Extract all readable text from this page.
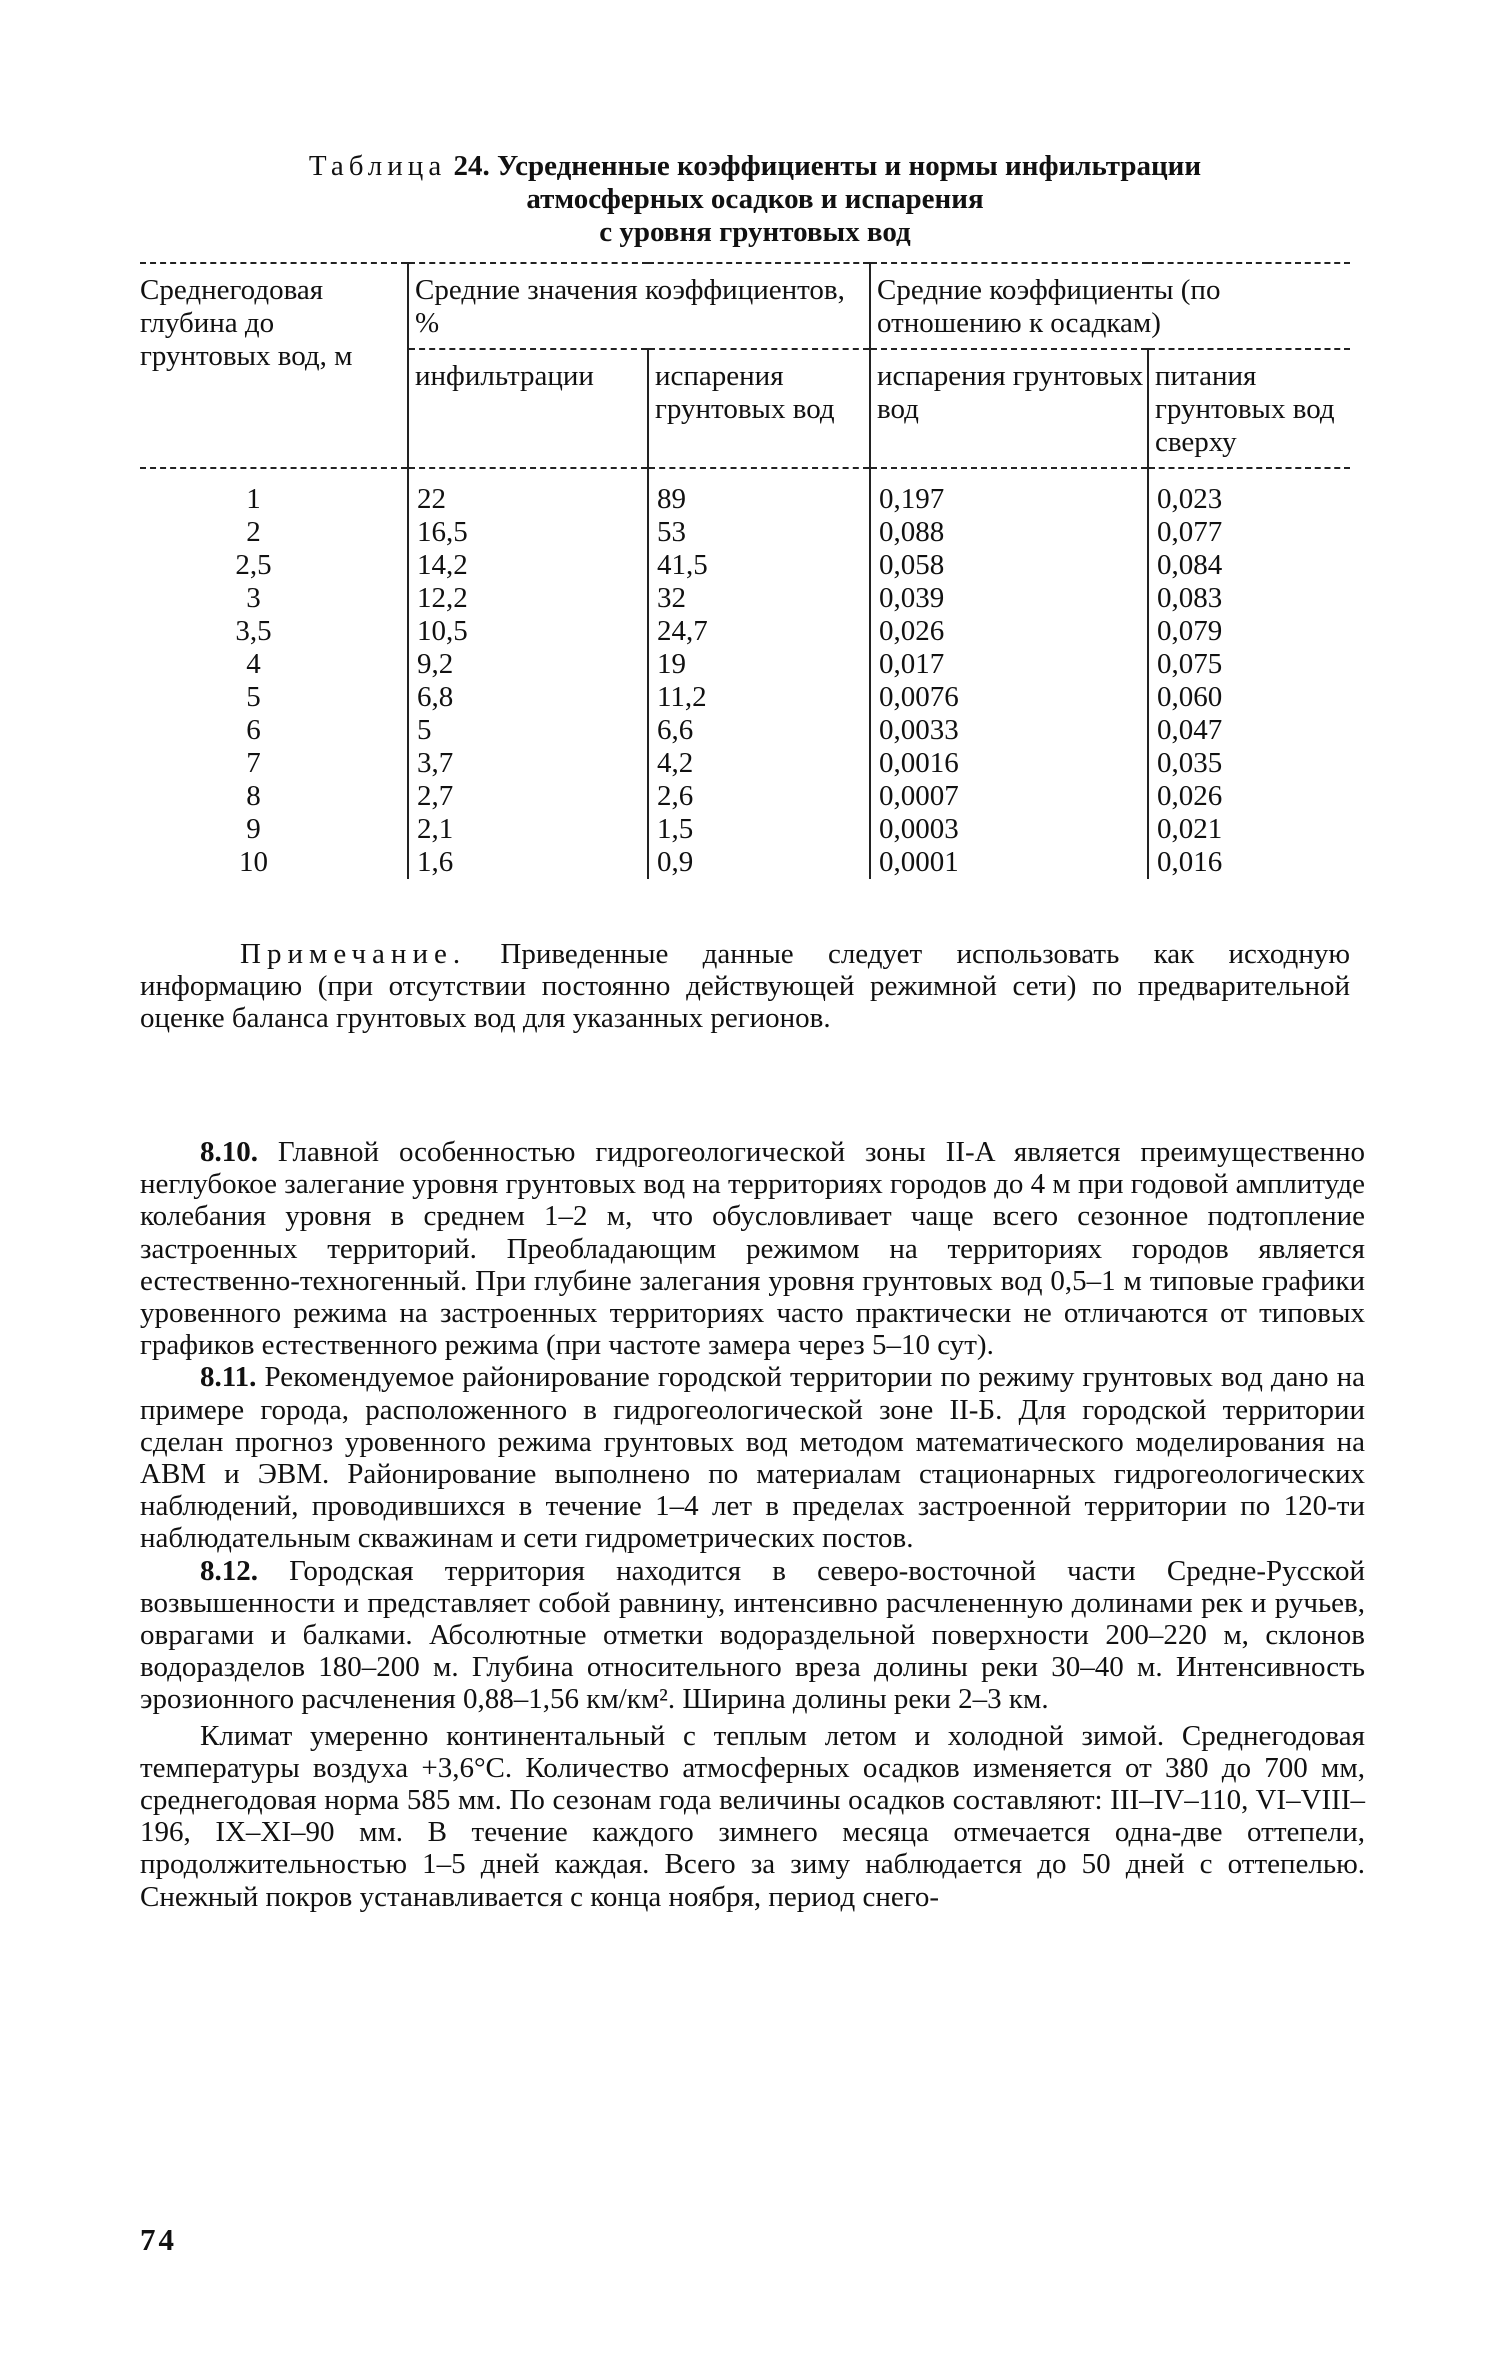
Таблица 24. Усредненные коэффициенты и нормы инфильтрации
атмосферных осадков и испарения
с уровня грунтовых вод
Среднегодовая глубина до грунтовых вод, м	Средние значения коэффициентов, %		Средние коэффициенты (по отношению к осадкам)	
	инфильтрации	испарения грунтовых вод	испарения грунтовых вод	питания грунтовых вод сверху
1	22	89	0,197	0,023
2	16,5	53	0,088	0,077
2,5	14,2	41,5	0,058	0,084
3	12,2	32	0,039	0,083
3,5	10,5	24,7	0,026	0,079
4	9,2	19	0,017	0,075
5	6,8	11,2	0,0076	0,060
6	5	6,6	0,0033	0,047
7	3,7	4,2	0,0016	0,035
8	2,7	2,6	0,0007	0,026
9	2,1	1,5	0,0003	0,021
10	1,6	0,9	0,0001	0,016
Примечание. Приведенные данные следует использовать как исходную информацию (при отсутствии постоянно действующей режимной сети) по предварительной оценке баланса грунтовых вод для указанных регионов.

8.10. Главной особенностью гидрогеологической зоны II-A является преимущественно неглубокое залегание уровня грунтовых вод на территориях городов до 4 м при годовой амплитуде колебания уровня в среднем 1–2 м, что обусловливает чаще всего сезонное подтопление застроенных территорий. Преобладающим режимом на территориях городов является естественно-техногенный. При глубине залегания уровня грунтовых вод 0,5–1 м типовые графики уровенного режима на застроенных территориях часто практически не отличаются от типовых графиков естественного режима (при частоте замера через 5–10 сут).

8.11. Рекомендуемое районирование городской территории по режиму грунтовых вод дано на примере города, расположенного в гидрогеологической зоне II-Б. Для городской территории сделан прогноз уровенного режима грунтовых вод методом математического моделирования на АВМ и ЭВМ. Районирование выполнено по материалам стационарных гидрогеологических наблюдений, проводившихся в течение 1–4 лет в пределах застроенной территории по 120-ти наблюдательным скважинам и сети гидрометрических постов.

8.12. Городская территория находится в северо-восточной части Средне-Русской возвышенности и представляет собой равнину, интенсивно расчлененную долинами рек и ручьев, оврагами и балками. Абсолютные отметки водораздельной поверхности 200–220 м, склонов водоразделов 180–200 м. Глубина относительного вреза долины реки 30–40 м. Интенсивность эрозионного расчленения 0,88–1,56 км/км². Ширина долины реки 2–3 км.

Климат умеренно континентальный с теплым летом и холодной зимой. Среднегодовая температуры воздуха +3,6°С. Количество атмосферных осадков изменяется от 380 до 700 мм, среднегодовая норма 585 мм. По сезонам года величины осадков составляют: III–IV–110, VI–VIII–196, IX–XI–90 мм. В течение каждого зимнего месяца отмечается одна-две оттепели, продолжительностью 1–5 дней каждая. Всего за зиму наблюдается до 50 дней с оттепелью. Снежный покров устанавливается с конца ноября, период снего-

74
